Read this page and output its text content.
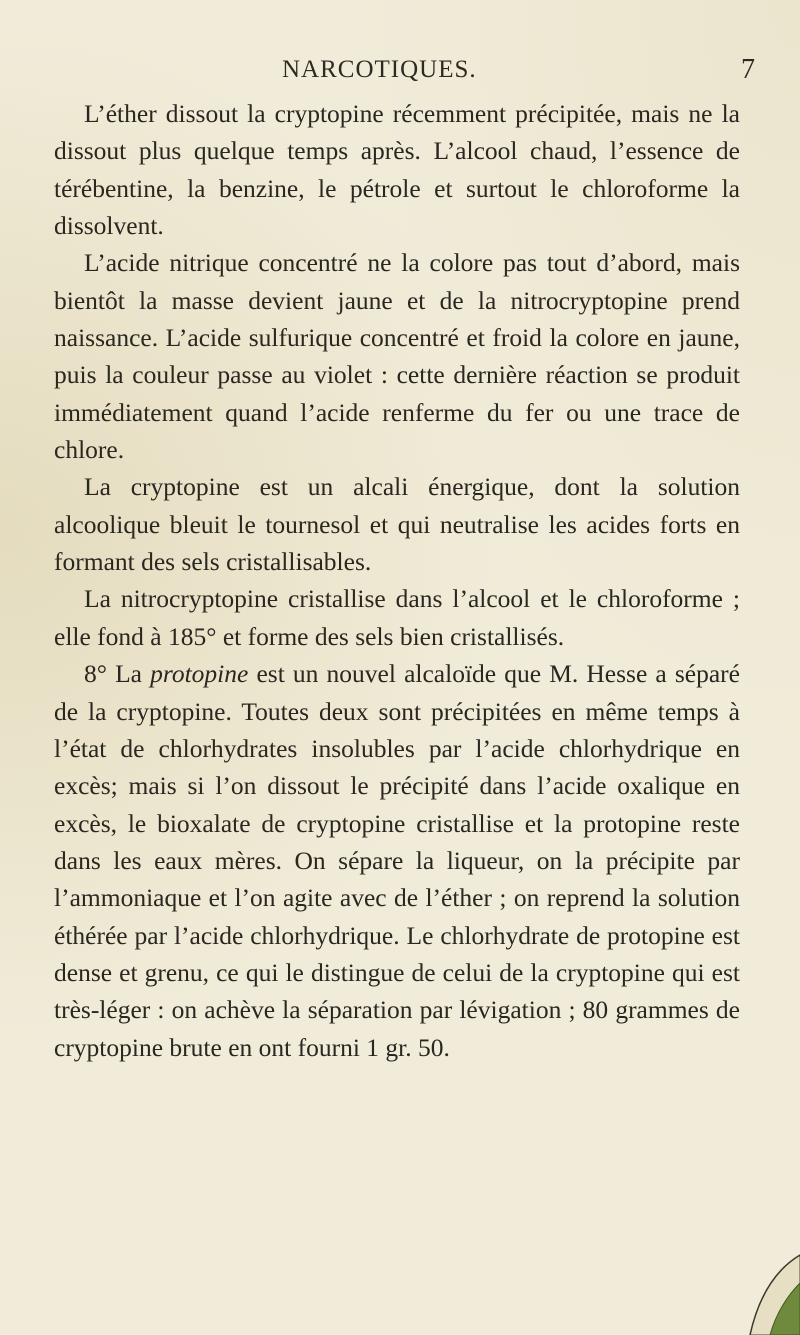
NARCOTIQUES.	7

L’éther dissout la cryptopine récemment précipitée, mais ne la dissout plus quelque temps après. L’alcool chaud, l’essence de térébentine, la benzine, le pétrole et surtout le chloroforme la dissolvent.

L’acide nitrique concentré ne la colore pas tout d’abord, mais bientôt la masse devient jaune et de la nitrocryptopine prend naissance. L’acide sulfurique concentré et froid la colore en jaune, puis la couleur passe au violet : cette dernière réaction se produit immédiatement quand l’acide renferme du fer ou une trace de chlore.

La cryptopine est un alcali énergique, dont la solution alcoolique bleuit le tournesol et qui neutralise les acides forts en formant des sels cristallisables.

La nitrocryptopine cristallise dans l’alcool et le chloroforme ; elle fond à 185° et forme des sels bien cristallisés.

8° La protopine est un nouvel alcaloïde que M. Hesse a séparé de la cryptopine. Toutes deux sont précipitées en même temps à l’état de chlorhydrates insolubles par l’acide chlorhydrique en excès; mais si l’on dissout le précipité dans l’acide oxalique en excès, le bioxalate de cryptopine cristallise et la protopine reste dans les eaux mères. On sépare la liqueur, on la précipite par l’ammoniaque et l’on agite avec de l’éther ; on reprend la solution éthérée par l’acide chlorhydrique. Le chlorhydrate de protopine est dense et grenu, ce qui le distingue de celui de la cryptopine qui est très-léger : on achève la séparation par lévigation ; 80 grammes de cryptopine brute en ont fourni 1 gr. 50.
